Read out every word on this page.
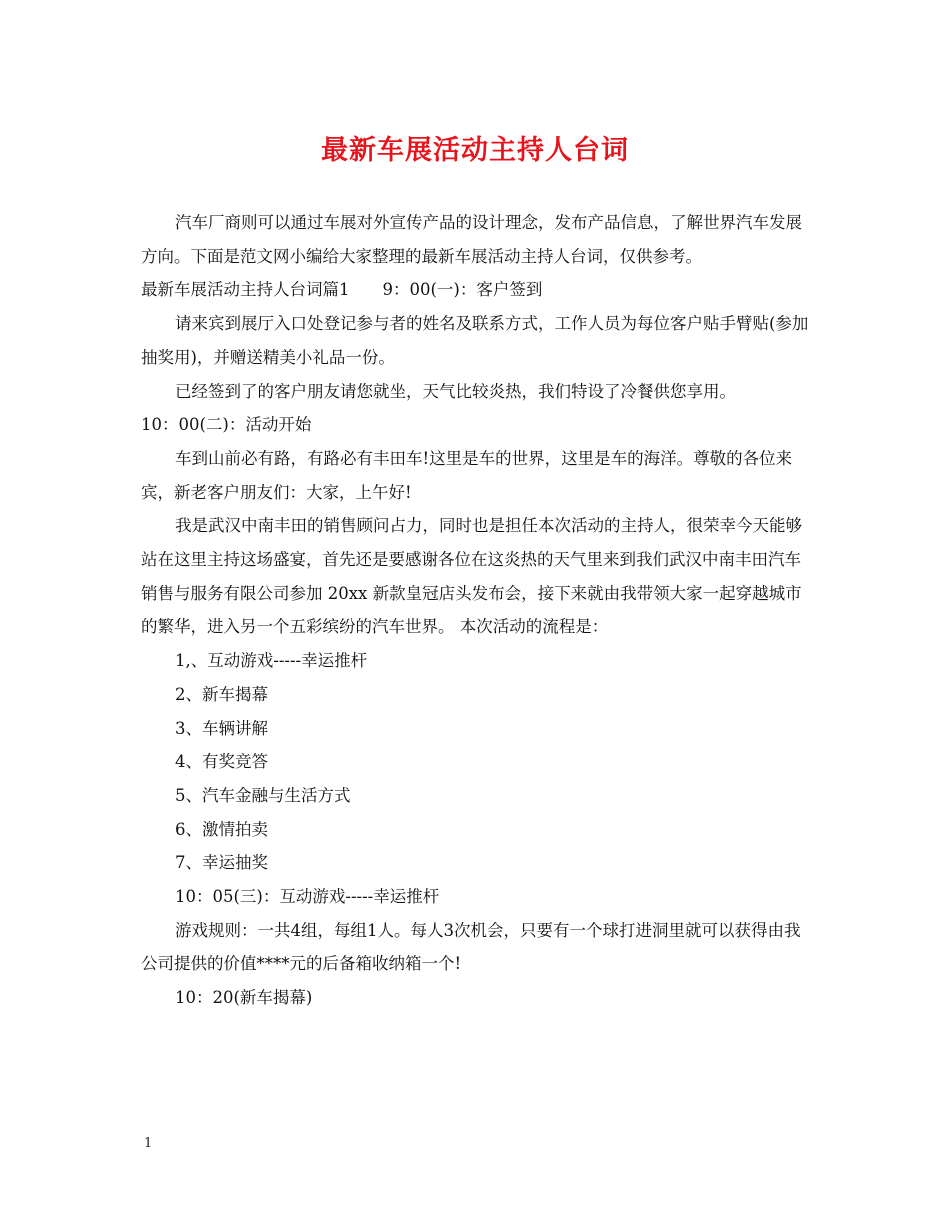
最新车展活动主持人台词

汽车厂商则可以通过车展对外宣传产品的设计理念，发布产品信息，了解世界汽车发展方向。下面是范文网小编给大家整理的最新车展活动主持人台词，仅供参考。

最新车展活动主持人台词篇1　　9：00(一)：客户签到

请来宾到展厅入口处登记参与者的姓名及联系方式，工作人员为每位客户贴手臂贴(参加抽奖用)，并赠送精美小礼品一份。

已经签到了的客户朋友请您就坐，天气比较炎热，我们特设了冷餐供您享用。

10：00(二)：活动开始

车到山前必有路，有路必有丰田车!这里是车的世界，这里是车的海洋。尊敬的各位来宾，新老客户朋友们：大家，上午好!

我是武汉中南丰田的销售顾问占力，同时也是担任本次活动的主持人，很荣幸今天能够站在这里主持这场盛宴，首先还是要感谢各位在这炎热的天气里来到我们武汉中南丰田汽车销售与服务有限公司参加 20xx 新款皇冠店头发布会，接下来就由我带领大家一起穿越城市的繁华，进入另一个五彩缤纷的汽车世界。 本次活动的流程是：

1,、互动游戏-----幸运推杆

2、新车揭幕

3、车辆讲解

4、有奖竞答

5、汽车金融与生活方式

6、激情拍卖

7、幸运抽奖

10：05(三)：互动游戏-----幸运推杆

游戏规则：一共4组，每组1人。每人3次机会，只要有一个球打进洞里就可以获得由我公司提供的价值****元的后备箱收纳箱一个!

10：20(新车揭幕)

1
